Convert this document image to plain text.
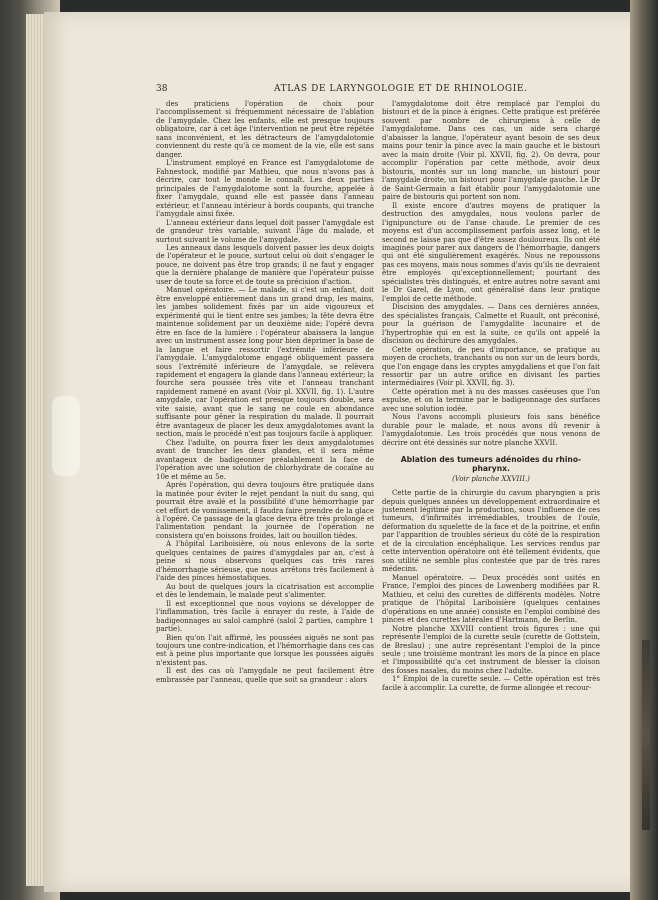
38	ATLAS DE LARYNGOLOGIE ET DE RHINOLOGIE.

des praticiens l'opération de choix pour l'accomplissement si fréquemment nécessaire de l'ablation de l'amygdale. Chez les enfants, elle est presque toujours obligatoire, car à cet âge l'intervention ne peut être répétée sans inconvénient, et les détracteurs de l'amygdalotomie conviennent du reste qu'à ce moment de la vie, elle est sans danger.

L'instrument employé en France est l'amygdalotome de Fahnestock, modifié par Mathieu, que nous n'avons pas à décrire, car tout le monde le connaît. Les deux parties principales de l'amygdalotome sont la fourche, appelée à fixer l'amygdale, quand elle est passée dans l'anneau extérieur, et l'anneau intérieur à bords coupants, qui tranche l'amygdale ainsi fixée.

L'anneau extérieur dans lequel doit passer l'amygdale est de grandeur très variable, suivant l'âge du malade, et surtout suivant le volume de l'amygdale.

Les anneaux dans lesquels doivent passer les deux doigts de l'opérateur et le pouce, surtout celui où doit s'engager le pouce, ne doivent pas être trop grands; il ne faut y engager que la dernière phalange de manière que l'opérateur puisse user de toute sa force et de toute sa précision d'action.

Manuel opératoire. — Le malade, si c'est un enfant, doit être enveloppé entièrement dans un grand drap, les mains, les jambes solidement fixés par un aide vigoureux et expérimenté qui le tient entre ses jambes; la tête devra être maintenue solidement par un deuxième aide; l'opéré devra être en face de la lumière : l'opérateur abaissera la langue avec un instrument assez long pour bien déprimer la base de la langue et faire ressortir l'extrémité inférieure de l'amygdale. L'amygdalotome engagé obliquement passera sous l'extrémité inférieure de l'amygdale, se relèvera rapidement et engagera la glande dans l'anneau extérieur; la fourche sera poussée très vite et l'anneau tranchant rapidement ramené en avant (Voir pl. XXVII, fig. 1). L'autre amygdale, car l'opération est presque toujours double, sera vite saisie, avant que le sang ne coule en abondance suffisante pour gêner la respiration du malade. Il pourrait être avantageux de placer les deux amygdalotomes avant la section, mais le procédé n'est pas toujours facile à appliquer.

Chez l'adulte, on pourra fixer les deux amygdalotomes avant de trancher les deux glandes, et il sera même avantageux de badigeonner préalablement la face de l'opération avec une solution de chlorhydrate de cocaïne au 10e et même au 5e.

Après l'opération, qui devra toujours être pratiquée dans la matinée pour éviter le rejet pendant la nuit du sang, qui pourrait être avalé et la possibilité d'une hémorrhagie par cet effort de vomissement, il faudra faire prendre de la glace à l'opéré. Ce passage de la glace devra être très prolongé et l'alimentation pendant la journée de l'opération ne consistera qu'en boissons froides, lait ou bouillon tièdes.

A l'hôpital Lariboisière, où nous enlevons de la sorte quelques centaines de paires d'amygdales par an, c'est à peine si nous observons quelques cas très rares d'hémorrhagie sérieuse, que nous arrêtons très facilement à l'aide des pinces hémostatiques.

Au bout de quelques jours la cicatrisation est accomplie et dès le lendemain, le malade peut s'alimenter.

Il est exceptionnel que nous voyions se développer de l'inflammation, très facile à enrayer du reste, à l'aide de badigeonnages au salol camphré (salol 2 parties, camphre 1 partie).

Bien qu'on l'ait affirmé, les poussées aiguës ne sont pas toujours une contre-indication, et l'hémorrhagie dans ces cas est à peine plus importante que lorsque les poussées aiguës n'existent pas.

Il est des cas où l'amygdale ne peut facilement être embrassée par l'anneau, quelle que soit sa grandeur : alors

l'amygdalotome doit être remplacé par l'emploi du bistouri et de la pince à érignes. Cette pratique est préférée souvent par nombre de chirurgiens à celle de l'amygdalotome. Dans ces cas, un aide sera chargé d'abaisser la langue, l'opérateur ayant besoin de ses deux mains pour tenir la pince avec la main gauche et le bistouri avec la main droite (Voir pl. XXVII, fig. 2). On devra, pour accomplir l'opération par cette méthode, avoir deux bistouris, montés sur un long manche, un bistouri pour l'amygdale droite, un bistouri pour l'amygdale gauche. Le Dr de Saint-Germain a fait établir pour l'amygdalotomie une paire de bistouris qui portent son nom.

Il existe encore d'autres moyens de pratiquer la destruction des amygdales, nous voulons parler de l'ignipuncture ou de l'anse chaude. Le premier de ces moyens est d'un accomplissement parfois assez long, et le second ne laisse pas que d'être assez douloureux. Ils ont été imaginés pour parer aux dangers de l'hémorrhagie, dangers qui ont été singulièrement exagérés. Nous ne repoussons pas ces moyens, mais nous sommes d'avis qu'ils ne devraient être employés qu'exceptionnellement; pourtant des spécialistes très distingués, et entre autres notre savant ami le Dr Garel, de Lyon, ont généralisé dans leur pratique l'emploi de cette méthode.

Discision des amygdales. — Dans ces dernières années, des spécialistes français, Calmette et Ruault, ont préconisé, pour la guérison de l'amygdalite lacunaire et de l'hypertrophie qui en est la suite, ce qu'ils ont appelé la discision ou déchirure des amygdales.

Cette opération, de peu d'importance, se pratique au moyen de crochets, tranchants ou non sur un de leurs bords, que l'on engage dans les cryptes amygdaliens et que l'on fait ressortir par un autre orifice en divisant les parties intermédiaires (Voir pl. XXVII, fig. 3).

Cette opération met à nu des masses caséeuses que l'on expulse, et on la termine par le badigeonnage des surfaces avec une solution iodée.

Nous l'avons accompli plusieurs fois sans bénéfice durable pour le malade, et nous avons dû revenir à l'amygdalotomie. Les trois procédés que nous venons de décrire ont été dessinés sur notre planche XXVII.

Ablation des tumeurs adénoïdes du rhino-pharynx.
(Voir planche XXVIII.)

Cette partie de la chirurgie du cavum pharyngien a pris depuis quelques années un développement extraordinaire et justement légitimé par la production, sous l'influence de ces tumeurs, d'infirmités irrémédiables, troubles de l'ouïe, déformation du squelette de la face et de la poitrine, et enfin par l'apparition de troubles sérieux du côté de la respiration et de la circulation encéphalique. Les services rendus par cette intervention opératoire ont été tellement évidents, que son utilité ne semble plus contestée que par de très rares médecins.

Manuel opératoire. — Deux procédés sont usités en France, l'emploi des pinces de Lowenberg modifiées par R. Mathieu, et celui des curettes de différents modèles. Notre pratique de l'hôpital Lariboisière (quelques centaines d'opérations en une année) consiste en l'emploi combiné des pinces et des curettes latérales d'Hartmann, de Berlin.

Notre planche XXVIII contient trois figures : une qui représente l'emploi de la curette seule (curette de Gottstein, de Breslau) ; une autre représentant l'emploi de la pince seule ; une troisième montrant les mors de la pince en place et l'impossibilité qu'a cet instrument de blesser la cloison des fosses nasales, du moins chez l'adulte.

1° Emploi de la curette seule. — Cette opération est très facile à accomplir. La curette, de forme allongée et recour-
